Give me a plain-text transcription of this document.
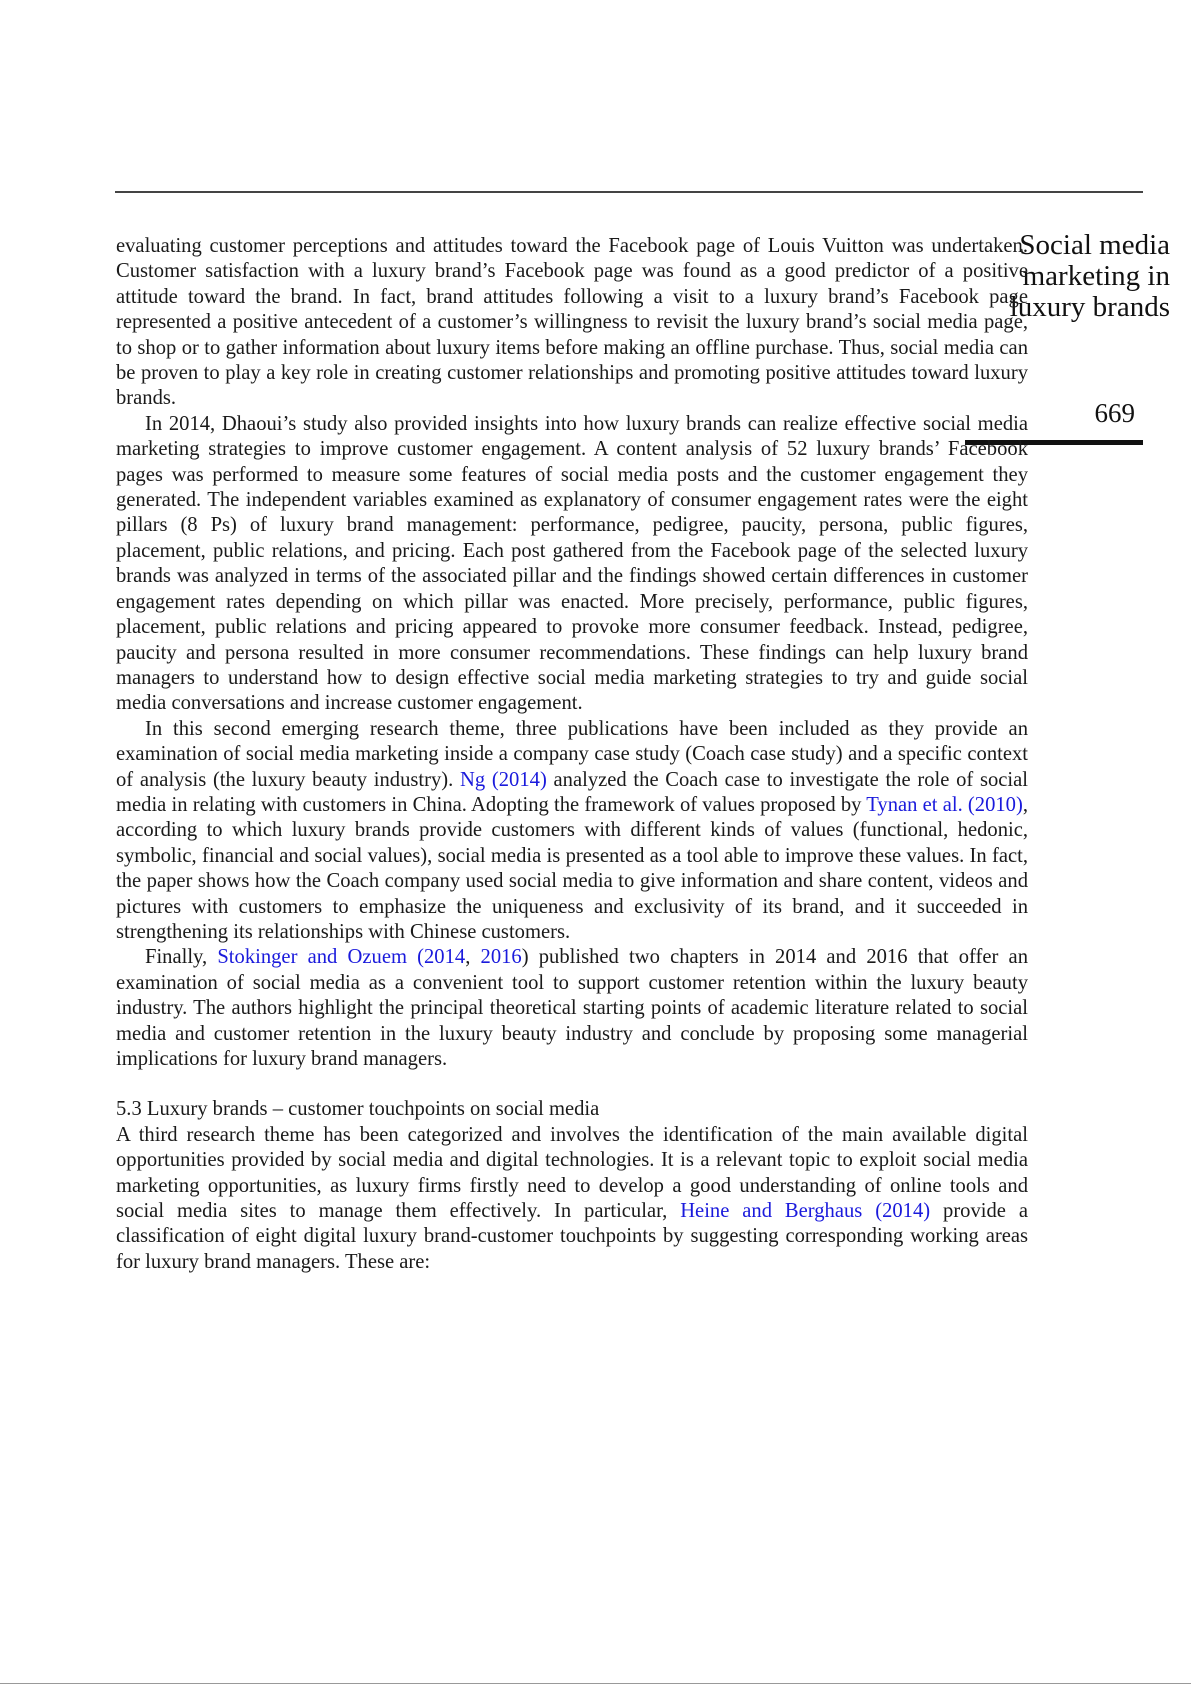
Social media
marketing in
luxury brands
669

evaluating customer perceptions and attitudes toward the Facebook page of Louis Vuitton was undertaken. Customer satisfaction with a luxury brand’s Facebook page was found as a good predictor of a positive attitude toward the brand. In fact, brand attitudes following a visit to a luxury brand’s Facebook page represented a positive antecedent of a customer’s willingness to revisit the luxury brand’s social media page, to shop or to gather information about luxury items before making an offline purchase. Thus, social media can be proven to play a key role in creating customer relationships and promoting positive attitudes toward luxury brands.

In 2014, Dhaoui’s study also provided insights into how luxury brands can realize effective social media marketing strategies to improve customer engagement. A content analysis of 52 luxury brands’ Facebook pages was performed to measure some features of social media posts and the customer engagement they generated. The independent variables examined as explanatory of consumer engagement rates were the eight pillars (8 Ps) of luxury brand management: performance, pedigree, paucity, persona, public figures, placement, public relations, and pricing. Each post gathered from the Facebook page of the selected luxury brands was analyzed in terms of the associated pillar and the findings showed certain differences in customer engagement rates depending on which pillar was enacted. More precisely, performance, public figures, placement, public relations and pricing appeared to provoke more consumer feedback. Instead, pedigree, paucity and persona resulted in more consumer recommendations. These findings can help luxury brand managers to understand how to design effective social media marketing strategies to try and guide social media conversations and increase customer engagement.

In this second emerging research theme, three publications have been included as they provide an examination of social media marketing inside a company case study (Coach case study) and a specific context of analysis (the luxury beauty industry). Ng (2014) analyzed the Coach case to investigate the role of social media in relating with customers in China. Adopting the framework of values proposed by Tynan et al. (2010), according to which luxury brands provide customers with different kinds of values (functional, hedonic, symbolic, financial and social values), social media is presented as a tool able to improve these values. In fact, the paper shows how the Coach company used social media to give information and share content, videos and pictures with customers to emphasize the uniqueness and exclusivity of its brand, and it succeeded in strengthening its relationships with Chinese customers.

Finally, Stokinger and Ozuem (2014, 2016) published two chapters in 2014 and 2016 that offer an examination of social media as a convenient tool to support customer retention within the luxury beauty industry. The authors highlight the principal theoretical starting points of academic literature related to social media and customer retention in the luxury beauty industry and conclude by proposing some managerial implications for luxury brand managers.

5.3 Luxury brands – customer touchpoints on social media

A third research theme has been categorized and involves the identification of the main available digital opportunities provided by social media and digital technologies. It is a relevant topic to exploit social media marketing opportunities, as luxury firms firstly need to develop a good understanding of online tools and social media sites to manage them effectively. In particular, Heine and Berghaus (2014) provide a classification of eight digital luxury brand-customer touchpoints by suggesting corresponding working areas for luxury brand managers. These are:
